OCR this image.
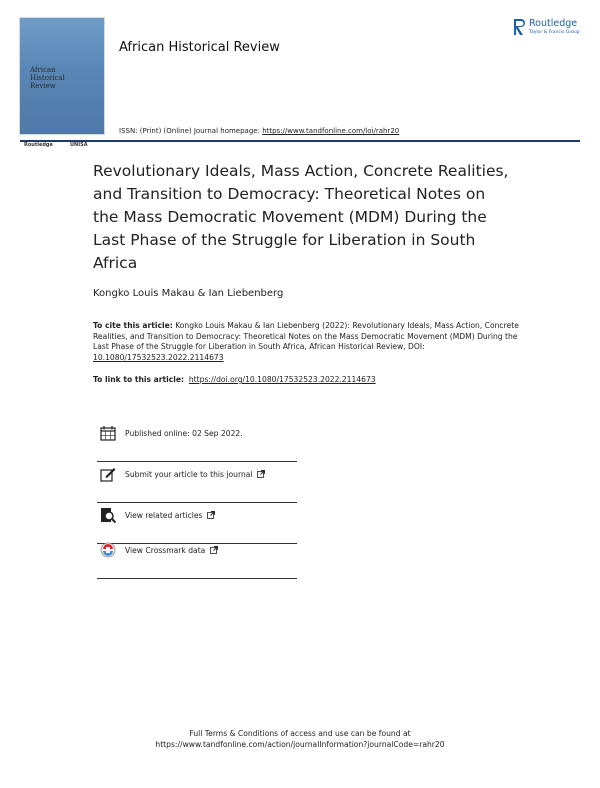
African
Historical
Review
Routledge	UNISA
African Historical Review
Routledge
Taylor & Francis Group
ISSN: (Print) (Online) Journal homepage: https://www.tandfonline.com/loi/rahr20
Revolutionary Ideals, Mass Action, Concrete Realities, and Transition to Democracy: Theoretical Notes on the Mass Democratic Movement (MDM) During the Last Phase of the Struggle for Liberation in South Africa
Kongko Louis Makau & Ian Liebenberg
To cite this article: Kongko Louis Makau & Ian Liebenberg (2022): Revolutionary Ideals, Mass Action, Concrete Realities, and Transition to Democracy: Theoretical Notes on the Mass Democratic Movement (MDM) During the Last Phase of the Struggle for Liberation in South Africa, African Historical Review, DOI: 10.1080/17532523.2022.2114673
To link to this article: https://doi.org/10.1080/17532523.2022.2114673
Published online: 02 Sep 2022.
Submit your article to this journal
View related articles
View Crossmark data
Full Terms & Conditions of access and use can be found at
https://www.tandfonline.com/action/journalInformation?journalCode=rahr20
